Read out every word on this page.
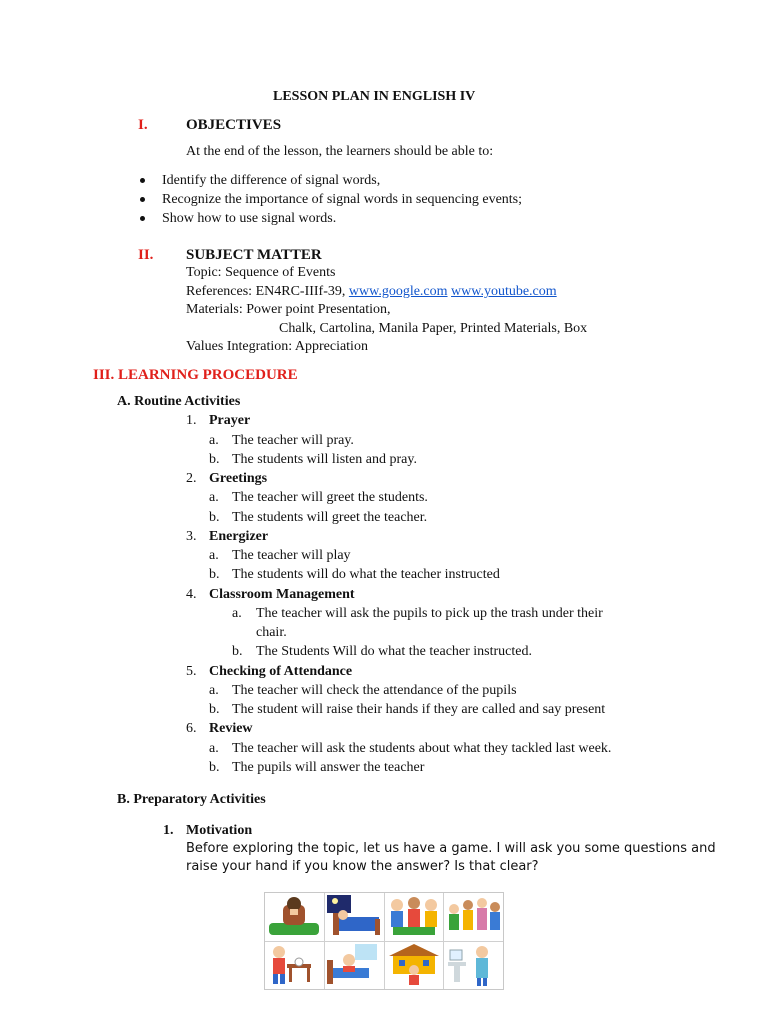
LESSON PLAN IN ENGLISH IV
I.	OBJECTIVES
At the end of the lesson, the learners should be able to:
Identify the difference of signal words,
Recognize the importance of signal words in sequencing events;
Show how to use signal words.
II. SUBJECT MATTER
Topic: Sequence of Events
References: EN4RC-IIIf-39, www.google.com www.youtube.com
Materials: Power point Presentation,
Chalk, Cartolina, Manila Paper, Printed Materials, Box
Values Integration: Appreciation
III. LEARNING PROCEDURE
A. Routine Activities
1. Prayer
a. The teacher will pray.
b. The students will listen and pray.
2. Greetings
a. The teacher will greet the students.
b. The students will greet the teacher.
3. Energizer
a. The teacher will play
b. The students will do what the teacher instructed
4. Classroom Management
a. The teacher will ask the pupils to pick up the trash under their
chair.
b. The Students Will do what the teacher instructed.
5. Checking of Attendance
a. The teacher will check the attendance of the pupils
b. The student will raise their hands if they are called and say present
6. Review
a. The teacher will ask the students about what they tackled last week.
b. The pupils will answer the teacher
B. Preparatory Activities
1. Motivation
Before exploring the topic, let us have a game. I will ask you some questions and
raise your hand if you know the answer? Is that clear?
